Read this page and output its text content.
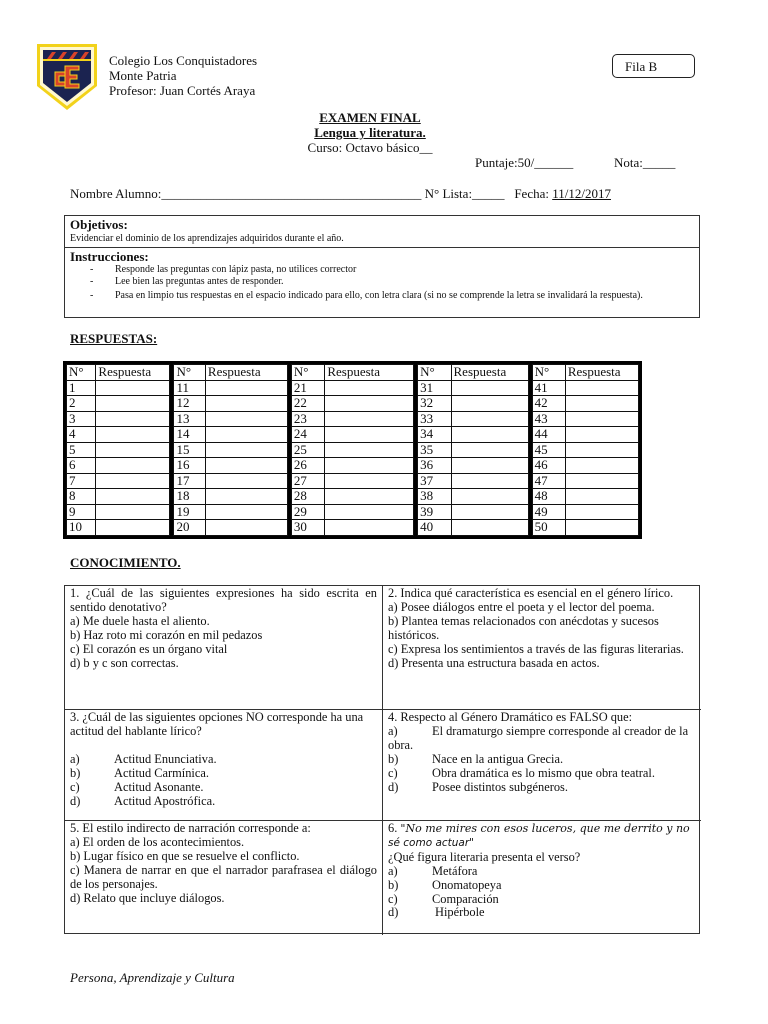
Colegio Los Conquistadores
Monte Patria
Profesor: Juan Cortés Araya
Fila B
EXAMEN FINAL
Lengua y literatura.
Curso: Octavo básico__
Puntaje:50/______	Nota:_____
Nombre Alumno:________________________________________ N° Lista:_____ Fecha: 11/12/2017
Objetivos:
Evidenciar el dominio de los aprendizajes adquiridos durante el año.
Instrucciones:
-	Responde las preguntas con lápiz pasta, no utilices corrector
-	Lee bien las preguntas antes de responder.
-	Pasa en limpio tus respuestas en el espacio indicado para ello, con letra clara (si no se comprende la letra se invalidará la respuesta).
RESPUESTAS:
N°	Respuesta
1	
2	
3	
4	
5	
6	
7	
8	
9	
10	
N°	Respuesta
11	
12	
13	
14	
15	
16	
17	
18	
19	
20	
N°	Respuesta
21	
22	
23	
24	
25	
26	
27	
28	
29	
30	
N°	Respuesta
31	
32	
33	
34	
35	
36	
37	
38	
39	
40	
N°	Respuesta
41	
42	
43	
44	
45	
46	
47	
48	
49	
50	
CONOCIMIENTO.
1. ¿Cuál de las siguientes expresiones ha sido escrita en sentido denotativo?
a) Me duele hasta el aliento.
b) Haz roto mi corazón en mil pedazos
c) El corazón es un órgano vital
d) b y c son correctas.
2. Indica qué característica es esencial en el género lírico.
a) Posee diálogos entre el poeta y el lector del poema.
b) Plantea temas relacionados con anécdotas y sucesos históricos.
c) Expresa los sentimientos a través de las figuras literarias.
d) Presenta una estructura basada en actos.
3. ¿Cuál de las siguientes opciones NO corresponde ha una actitud del hablante lírico?
a)	Actitud Enunciativa.
b)	Actitud Carmínica.
c)	Actitud Asonante.
d)	Actitud Apostrófica.
4. Respecto al Género Dramático es FALSO que:
a)	El dramaturgo siempre corresponde al creador de la obra.
b)	Nace en la antigua Grecia.
c)	Obra dramática es lo mismo que obra teatral.
d)	Posee distintos subgéneros.
5. El estilo indirecto de narración corresponde a:
a) El orden de los acontecimientos.
b) Lugar físico en que se resuelve el conflicto.
c) Manera de narrar en que el narrador parafrasea el diálogo de los personajes.
d) Relato que incluye diálogos.
6. "No me mires con esos luceros, que me derrito y no sé como actuar"
¿Qué figura literaria presenta el verso?
a)	Metáfora
b)	Onomatopeya
c)	Comparación
d)	Hipérbole
Persona, Aprendizaje y Cultura
